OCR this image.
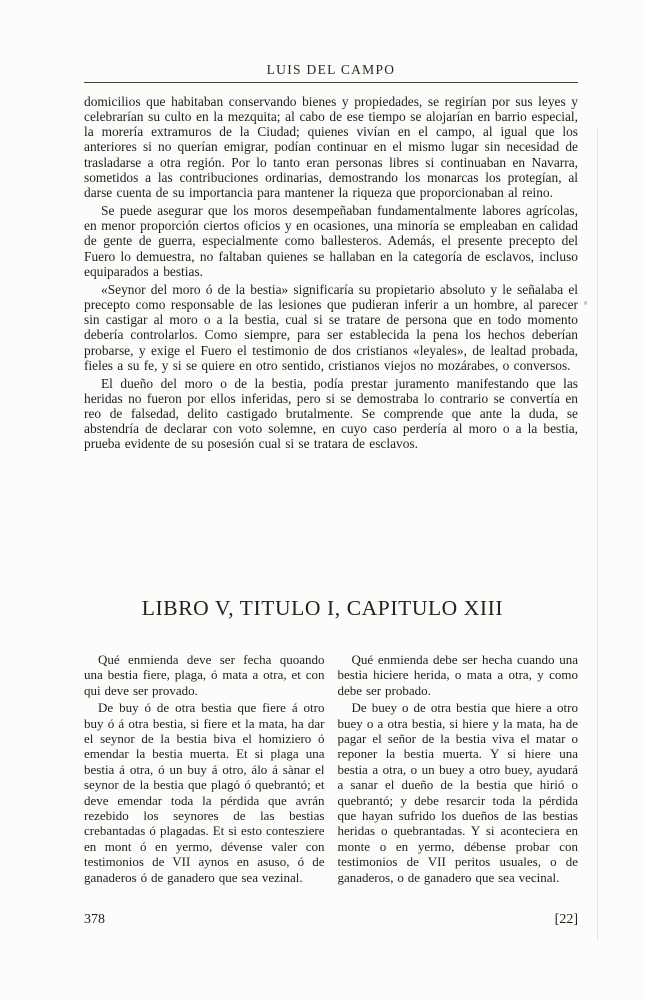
LUIS DEL CAMPO

domicilios que habitaban conservando bienes y propiedades, se regirían por sus leyes y celebrarían su culto en la mezquita; al cabo de ese tiempo se alojarían en barrio especial, la morería extramuros de la Ciudad; quienes vivían en el campo, al igual que los anteriores si no querían emigrar, podían continuar en el mismo lugar sin necesidad de trasladarse a otra región. Por lo tanto eran personas libres si continuaban en Navarra, sometidos a las contribuciones ordinarias, demostrando los monarcas los protegían, al darse cuenta de su importancia para mantener la riqueza que proporcionaban al reino.

Se puede asegurar que los moros desempeñaban fundamentalmente labores agrícolas, en menor proporción ciertos oficios y en ocasiones, una minoría se empleaban en calidad de gente de guerra, especialmente como ballesteros. Además, el presente precepto del Fuero lo demuestra, no faltaban quienes se hallaban en la categoría de esclavos, incluso equiparados a bestias.

«Seynor del moro ó de la bestia» significaría su propietario absoluto y le señalaba el precepto como responsable de las lesiones que pudieran inferir a un hombre, al parecer sin castigar al moro o a la bestia, cual si se tratare de persona que en todo momento debería controlarlos. Como siempre, para ser establecida la pena los hechos deberían probarse, y exige el Fuero el testimonio de dos cristianos «leyales», de lealtad probada, fieles a su fe, y si se quiere en otro sentido, cristianos viejos no mozárabes, o conversos.

El dueño del moro o de la bestia, podía prestar juramento manifestando que las heridas no fueron por ellos inferidas, pero si se demostraba lo contrario se convertía en reo de falsedad, delito castigado brutalmente. Se comprende que ante la duda, se abstendría de declarar con voto solemne, en cuyo caso perdería al moro o a la bestia, prueba evidente de su posesión cual si se tratara de esclavos.

LIBRO V, TITULO I, CAPITULO XIII

Qué enmienda deve ser fecha quoando una bestia fiere, plaga, ó mata a otra, et con qui deve ser provado.

De buy ó de otra bestia que fiere á otro buy ó á otra bestia, si fiere et la mata, ha dar el seynor de la bestia biva el homiziero ó emendar la bestia muerta. Et si plaga una bestia á otra, ó un buy á otro, álo á sànar el seynor de la bestia que plagó ó quebrantó; et deve emendar toda la pérdida que avrán rezebido los seynores de las bestias crebantadas ó plagadas. Et si esto contesziere en mont ó en yermo, dévense valer con testimonios de VII aynos en asuso, ó de ganaderos ó de ganadero que sea vezinal.

Qué enmienda debe ser hecha cuando una bestia hiciere herida, o mata a otra, y como debe ser probado.

De buey o de otra bestia que hiere a otro buey o a otra bestia, si hiere y la mata, ha de pagar el señor de la bestia viva el matar o reponer la bestia muerta. Y si hiere una bestia a otra, o un buey a otro buey, ayudará a sanar el dueño de la bestia que hirió o quebrantó; y debe resarcir toda la pérdida que hayan sufrido los dueños de las bestias heridas o quebrantadas. Y si aconteciera en monte o en yermo, débense probar con testimonios de VII peritos usuales, o de ganaderos, o de ganadero que sea vecinal.

378	[22]
